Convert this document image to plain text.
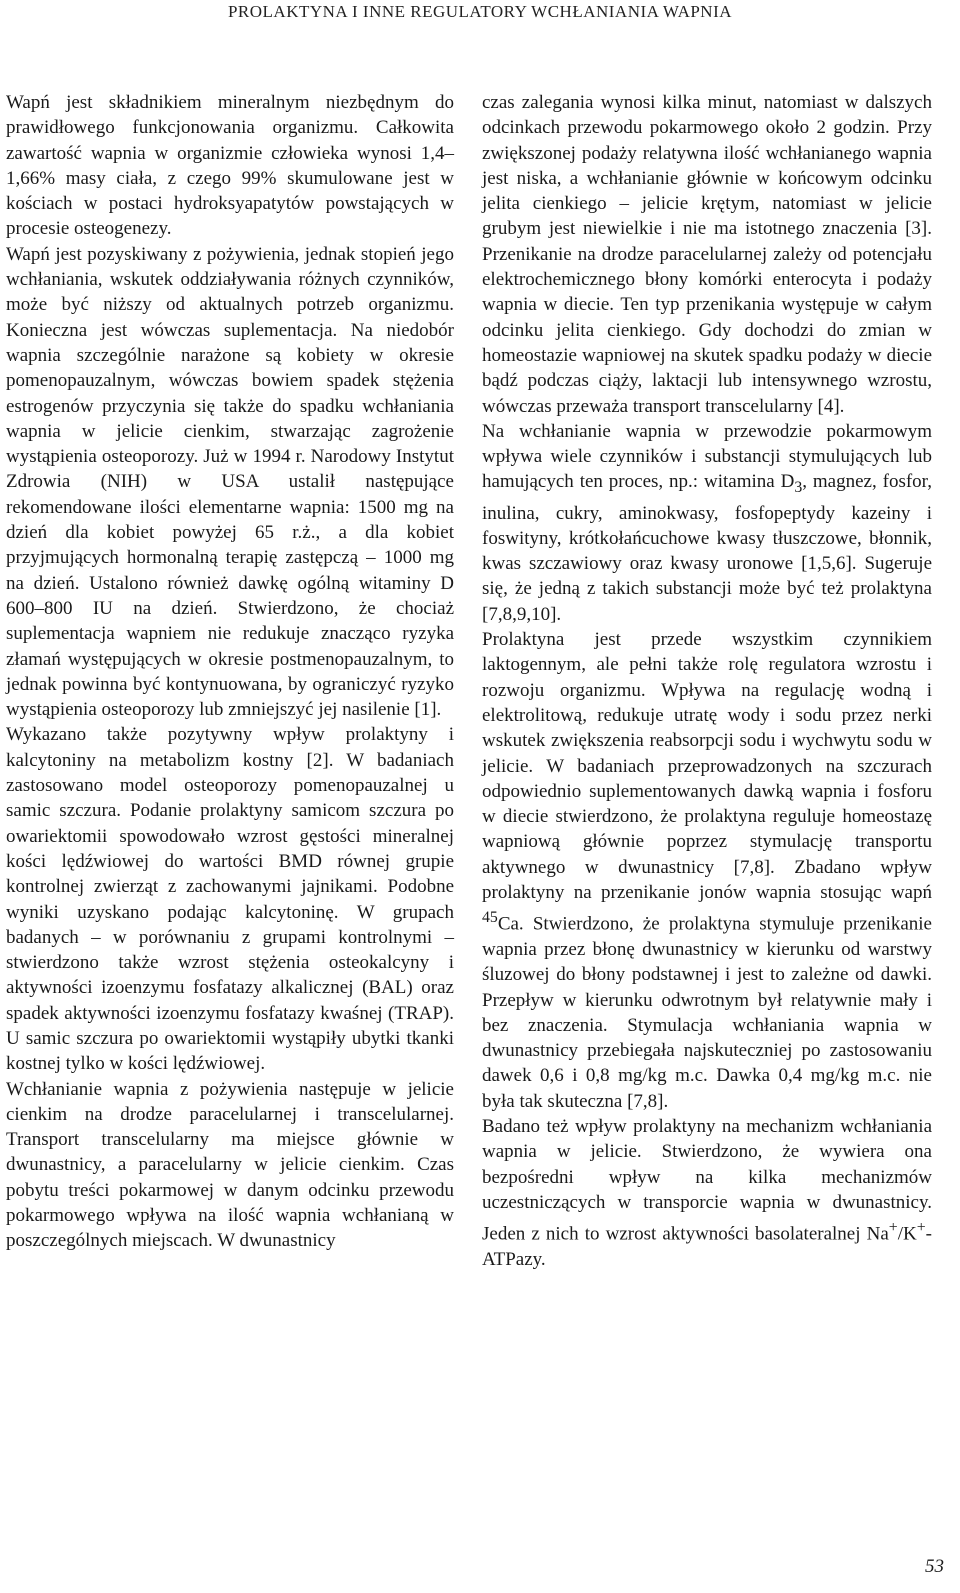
PROLAKTYNA I INNE REGULATORY WCHŁANIANIA WAPNIA

Wapń jest składnikiem mineralnym niezbędnym do prawidłowego funkcjonowania organizmu. Całkowita zawartość wapnia w organizmie człowieka wynosi 1,4–1,66% masy ciała, z czego 99% skumulowane jest w kościach w postaci hydroksyapatytów powstających w procesie osteogenezy.

Wapń jest pozyskiwany z pożywienia, jednak stopień jego wchłaniania, wskutek oddziaływania różnych czynników, może być niższy od aktualnych potrzeb organizmu. Konieczna jest wówczas suplementacja. Na niedobór wapnia szczególnie narażone są kobiety w okresie pomenopauzalnym, wówczas bowiem spadek stężenia estrogenów przyczynia się także do spadku wchłaniania wapnia w jelicie cienkim, stwarzając zagrożenie wystąpienia osteoporozy. Już w 1994 r. Narodowy Instytut Zdrowia (NIH) w USA ustalił następujące rekomendowane ilości elementarne wapnia: 1500 mg na dzień dla kobiet powyżej 65 r.ż., a dla kobiet przyjmujących hormonalną terapię zastępczą – 1000 mg na dzień. Ustalono również dawkę ogólną witaminy D 600–800 IU na dzień. Stwierdzono, że chociaż suplementacja wapniem nie redukuje znacząco ryzyka złamań występujących w okresie postmenopauzalnym, to jednak powinna być kontynuowana, by ograniczyć ryzyko wystąpienia osteoporozy lub zmniejszyć jej nasilenie [1].

Wykazano także pozytywny wpływ prolaktyny i kalcytoniny na metabolizm kostny [2]. W badaniach zastosowano model osteoporozy pomenopauzalnej u samic szczura. Podanie prolaktyny samicom szczura po owariektomii spowodowało wzrost gęstości mineralnej kości lędźwiowej do wartości BMD równej grupie kontrolnej zwierząt z zachowanymi jajnikami. Podobne wyniki uzyskano podając kalcytoninę. W grupach badanych – w porównaniu z grupami kontrolnymi – stwierdzono także wzrost stężenia osteokalcyny i aktywności izoenzymu fosfatazy alkalicznej (BAL) oraz spadek aktywności izoenzymu fosfatazy kwaśnej (TRAP). U samic szczura po owariektomii wystąpiły ubytki tkanki kostnej tylko w kości lędźwiowej.

Wchłanianie wapnia z pożywienia następuje w jelicie cienkim na drodze paracelularnej i transcelularnej. Transport transcelularny ma miejsce głównie w dwunastnicy, a paracelularny w jelicie cienkim. Czas pobytu treści pokarmowej w danym odcinku przewodu pokarmowego wpływa na ilość wapnia wchłanianą w poszczególnych miejscach. W dwunastnicy

czas zalegania wynosi kilka minut, natomiast w dalszych odcinkach przewodu pokarmowego około 2 godzin. Przy zwiększonej podaży relatywna ilość wchłanianego wapnia jest niska, a wchłanianie głównie w końcowym odcinku jelita cienkiego – jelicie krętym, natomiast w jelicie grubym jest niewielkie i nie ma istotnego znaczenia [3]. Przenikanie na drodze paracelularnej zależy od potencjału elektrochemicznego błony komórki enterocyta i podaży wapnia w diecie. Ten typ przenikania występuje w całym odcinku jelita cienkiego. Gdy dochodzi do zmian w homeostazie wapniowej na skutek spadku podaży w diecie bądź podczas ciąży, laktacji lub intensywnego wzrostu, wówczas przeważa transport transcelularny [4].

Na wchłanianie wapnia w przewodzie pokarmowym wpływa wiele czynników i substancji stymulujących lub hamujących ten proces, np.: witamina $D_3$, magnez, fosfor, inulina, cukry, aminokwasy, fosfopeptydy kazeiny i foswityny, krótkołańcuchowe kwasy tłuszczowe, błonnik, kwas szczawiowy oraz kwasy uronowe [1,5,6]. Sugeruje się, że jedną z takich substancji może być też prolaktyna [7,8,9,10].

Prolaktyna jest przede wszystkim czynnikiem laktogennym, ale pełni także rolę regulatora wzrostu i rozwoju organizmu. Wpływa na regulację wodną i elektrolitową, redukuje utratę wody i sodu przez nerki wskutek zwiększenia reabsorpcji sodu i wychwytu sodu w jelicie. W badaniach przeprowadzonych na szczurach odpowiednio suplementowanych dawką wapnia i fosforu w diecie stwierdzono, że prolaktyna reguluje homeostazę wapniową głównie poprzez stymulację transportu aktywnego w dwunastnicy [7,8]. Zbadano wpływ prolaktyny na przenikanie jonów wapnia stosując wapń $^{45}$Ca. Stwierdzono, że prolaktyna stymuluje przenikanie wapnia przez błonę dwunastnicy w kierunku od warstwy śluzowej do błony podstawnej i jest to zależne od dawki. Przepływ w kierunku odwrotnym był relatywnie mały i bez znaczenia. Stymulacja wchłaniania wapnia w dwunastnicy przebiegała najskuteczniej po zastosowaniu dawek 0,6 i 0,8 mg/kg m.c. Dawka 0,4 mg/kg m.c. nie była tak skuteczna [7,8].

Badano też wpływ prolaktyny na mechanizm wchłaniania wapnia w jelicie. Stwierdzono, że wywiera ona bezpośredni wpływ na kilka mechanizmów uczestniczących w transporcie wapnia w dwunastnicy. Jeden z nich to wzrost aktywności basolateralnej Na+/K+-ATPazy.

53
